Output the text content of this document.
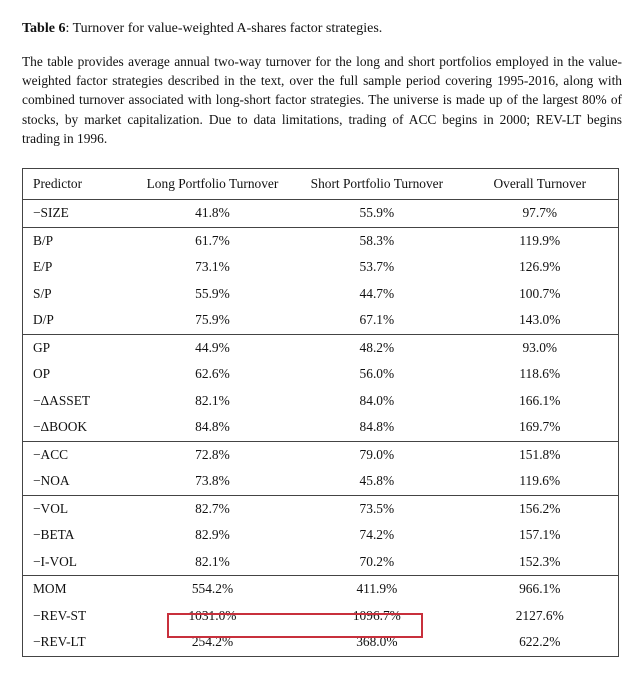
Table 6: Turnover for value-weighted A-shares factor strategies.
The table provides average annual two-way turnover for the long and short portfolios employed in the value-weighted factor strategies described in the text, over the full sample period covering 1995-2016, along with combined turnover associated with long-short factor strategies. The universe is made up of the largest 80% of stocks, by market capitalization. Due to data limitations, trading of ACC begins in 2000; REV-LT begins trading in 1996.
Predictor	Long Portfolio Turnover	Short Portfolio Turnover	Overall Turnover
−SIZE	41.8%	55.9%	97.7%
B/P	61.7%	58.3%	119.9%
E/P	73.1%	53.7%	126.9%
S/P	55.9%	44.7%	100.7%
D/P	75.9%	67.1%	143.0%
GP	44.9%	48.2%	93.0%
OP	62.6%	56.0%	118.6%
−ΔASSET	82.1%	84.0%	166.1%
−ΔBOOK	84.8%	84.8%	169.7%
−ACC	72.8%	79.0%	151.8%
−NOA	73.8%	45.8%	119.6%
−VOL	82.7%	73.5%	156.2%
−BETA	82.9%	74.2%	157.1%
−I-VOL	82.1%	70.2%	152.3%
MOM	554.2%	411.9%	966.1%
−REV-ST	1031.0%	1096.7%	2127.6%
−REV-LT	254.2%	368.0%	622.2%
